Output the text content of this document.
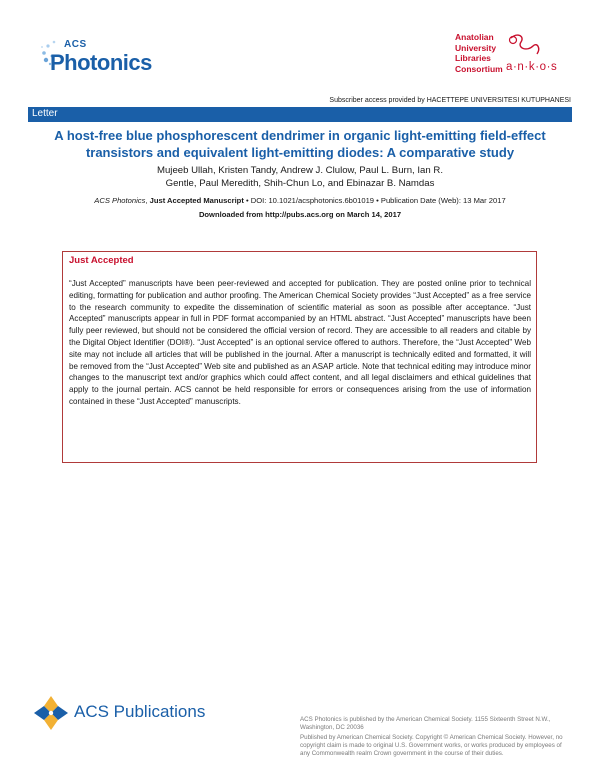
ACS
Photonics
Anatolian
University
Libraries
Consortium a·n·k·o·s
Subscriber access provided by HACETTEPE UNIVERSITESI KUTUPHANESI
Letter
A host-free blue phosphorescent dendrimer in organic light-emitting field-effect transistors and equivalent light-emitting diodes: A comparative study
Mujeeb Ullah, Kristen Tandy, Andrew J. Clulow, Paul L. Burn, Ian R. Gentle, Paul Meredith, Shih-Chun Lo, and Ebinazar B. Namdas
ACS Photonics, Just Accepted Manuscript • DOI: 10.1021/acsphotonics.6b01019 • Publication Date (Web): 13 Mar 2017
Downloaded from http://pubs.acs.org on March 14, 2017
Just Accepted
“Just Accepted” manuscripts have been peer-reviewed and accepted for publication. They are posted online prior to technical editing, formatting for publication and author proofing. The American Chemical Society provides “Just Accepted” as a free service to the research community to expedite the dissemination of scientific material as soon as possible after acceptance. “Just Accepted” manuscripts appear in full in PDF format accompanied by an HTML abstract. “Just Accepted” manuscripts have been fully peer reviewed, but should not be considered the official version of record. They are accessible to all readers and citable by the Digital Object Identifier (DOI®). “Just Accepted” is an optional service offered to authors. Therefore, the “Just Accepted” Web site may not include all articles that will be published in the journal. After a manuscript is technically edited and formatted, it will be removed from the “Just Accepted” Web site and published as an ASAP article. Note that technical editing may introduce minor changes to the manuscript text and/or graphics which could affect content, and all legal disclaimers and ethical guidelines that apply to the journal pertain. ACS cannot be held responsible for errors or consequences arising from the use of information contained in these “Just Accepted” manuscripts.
ACS Publications	ACS Photonics is published by the American Chemical Society. 1155 Sixteenth Street N.W., Washington, DC 20036

Published by American Chemical Society. Copyright © American Chemical Society. However, no copyright claim is made to original U.S. Government works, or works produced by employees of any Commonwealth realm Crown government in the course of their duties.
